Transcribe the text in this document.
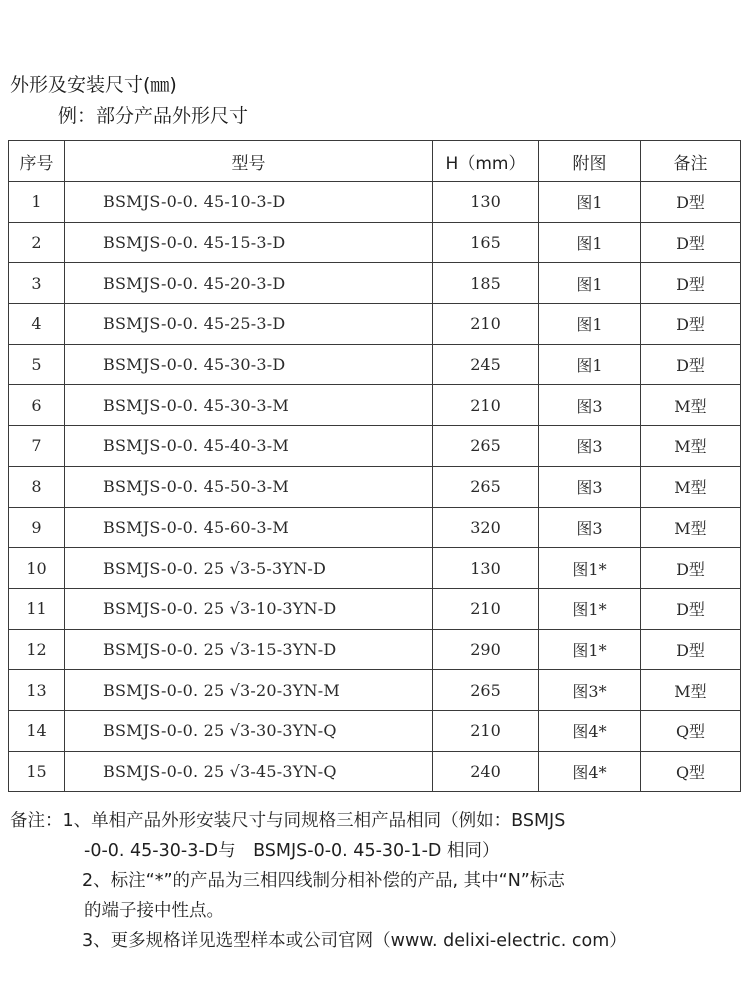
外形及安装尺寸(㎜)
例：部分产品外形尺寸
序号	型号	H（mm）	附图	备注
1	BSMJS-0-0. 45-10-3-D	130	图1	D型
2	BSMJS-0-0. 45-15-3-D	165	图1	D型
3	BSMJS-0-0. 45-20-3-D	185	图1	D型
4	BSMJS-0-0. 45-25-3-D	210	图1	D型
5	BSMJS-0-0. 45-30-3-D	245	图1	D型
6	BSMJS-0-0. 45-30-3-M	210	图3	M型
7	BSMJS-0-0. 45-40-3-M	265	图3	M型
8	BSMJS-0-0. 45-50-3-M	265	图3	M型
9	BSMJS-0-0. 45-60-3-M	320	图3	M型
10	BSMJS-0-0. 25 √3-5-3YN-D	130	图1*	D型
11	BSMJS-0-0. 25 √3-10-3YN-D	210	图1*	D型
12	BSMJS-0-0. 25 √3-15-3YN-D	290	图1*	D型
13	BSMJS-0-0. 25 √3-20-3YN-M	265	图3*	M型
14	BSMJS-0-0. 25 √3-30-3YN-Q	210	图4*	Q型
15	BSMJS-0-0. 25 √3-45-3YN-Q	240	图4*	Q型
备注：1、单相产品外形安装尺寸与同规格三相产品相同（例如：BSMJS
-0-0. 45-30-3-D与　BSMJS-0-0. 45-30-1-D 相同）
2、标注“*”的产品为三相四线制分相补偿的产品, 其中“N”标志
的端子接中性点。
3、更多规格详见选型样本或公司官网（www. delixi-electric. com）
